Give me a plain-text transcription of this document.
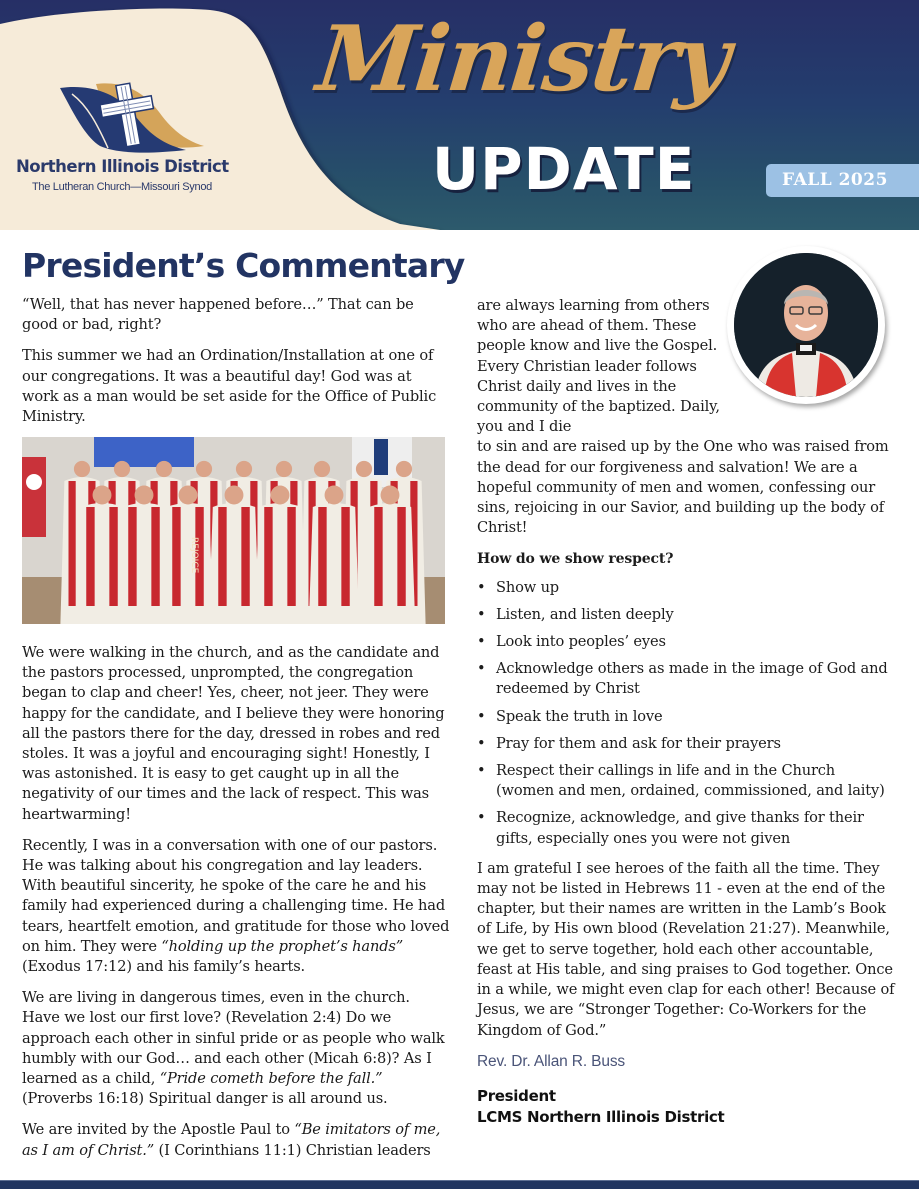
Northern Illinois District
The Lutheran Church—Missouri Synod
Ministry
UPDATE	FALL 2025
President’s Commentary

“Well, that has never happened before…” That can be good or bad, right?

This summer we had an Ordination/Installation at one of our congregations. It was a beautiful day! God was at work as a man would be set aside for the Office of Public Ministry.

REJOICE

We were walking in the church, and as the candidate and the pastors processed, unprompted, the congregation began to clap and cheer! Yes, cheer, not jeer. They were happy for the candidate, and I believe they were honoring all the pastors there for the day, dressed in robes and red stoles. It was a joyful and encouraging sight! Honestly, I was astonished. It is easy to get caught up in all the negativity of our times and the lack of respect. This was heartwarming!

Recently, I was in a conversation with one of our pastors. He was talking about his congregation and lay leaders. With beautiful sincerity, he spoke of the care he and his family had experienced during a challenging time. He had tears, heartfelt emotion, and gratitude for those who loved on him. They were “holding up the prophet’s hands” (Exodus 17:12) and his family’s hearts.

We are living in dangerous times, even in the church. Have we lost our first love? (Revelation 2:4) Do we approach each other in sinful pride or as people who walk humbly with our God… and each other (Micah 6:8)? As I learned as a child, “Pride cometh before the fall.” (Proverbs 16:18) Spiritual danger is all around us.

We are invited by the Apostle Paul to “Be imitators of me, as I am of Christ.” (I Corinthians 11:1) Christian leaders

are always learning from others who are ahead of them. These people know and live the Gospel. Every Christian leader follows Christ daily and lives in the community of the baptized. Daily, you and I die

to sin and are raised up by the One who was raised from the dead for our forgiveness and salvation! We are a hopeful community of men and women, confessing our sins, rejoicing in our Savior, and building up the body of Christ!

How do we show respect?
• Show up
• Listen, and listen deeply
• Look into peoples’ eyes
• Acknowledge others as made in the image of God and redeemed by Christ
• Speak the truth in love
• Pray for them and ask for their prayers
• Respect their callings in life and in the Church (women and men, ordained, commissioned, and laity)
• Recognize, acknowledge, and give thanks for their gifts, especially ones you were not given

I am grateful I see heroes of the faith all the time. They may not be listed in Hebrews 11 - even at the end of the chapter, but their names are written in the Lamb’s Book of Life, by His own blood (Revelation 21:27). Meanwhile, we get to serve together, hold each other accountable, feast at His table, and sing praises to God together. Once in a while, we might even clap for each other! Because of Jesus, we are “Stronger Together: Co-Workers for the Kingdom of God.”

Rev. Dr. Allan R. Buss
President
LCMS Northern Illinois District
